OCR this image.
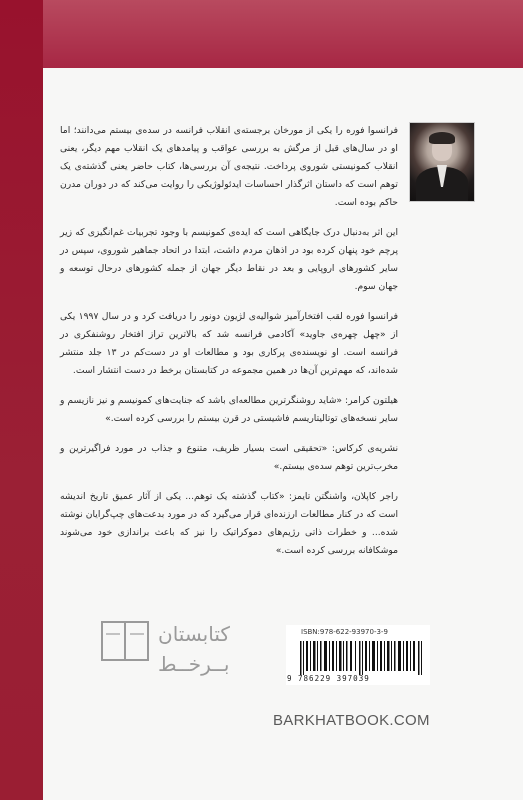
فرانسوا فوره را یکی از مورخان برجسته‌ی انقلاب فرانسه در سده‌ی بیستم می‌دانند؛ اما او در سال‌های قبل از مرگش به بررسی عواقب و پیامدهای یک انقلاب مهم دیگر، یعنی انقلاب کمونیستی شوروی پرداخت. نتیجه‌ی آن بررسی‌ها، کتاب حاضر یعنی گذشته‌ی یک توهم است که داستان اثرگذار احساسات ایدئولوژیکی را روایت می‌کند که در دوران مدرن حاکم بوده است.

این اثر به‌دنبال درک جایگاهی است که ایده‌ی کمونیسم با وجود تجربیات غم‌انگیزی که زیر پرچم خود پنهان کرده بود در اذهان مردم داشت، ابتدا در اتحاد جماهیر شوروی، سپس در سایر کشورهای اروپایی و بعد در نقاط دیگر جهان از جمله کشورهای درحال توسعه و جهان سوم.

فرانسوا فوره لقب افتخارآمیز شوالیه‌ی لژیون دونور را دریافت کرد و در سال ۱۹۹۷ یکی از «چهل چهره‌ی جاوید» آکادمی فرانسه شد که بالاترین تراز افتخار روشنفکری در فرانسه است. او نویسنده‌ی پرکاری بود و مطالعات او در دست‌کم در ۱۳ جلد منتشر شده‌اند، که مهم‌ترین آن‌ها در همین مجموعه در کتابستان برخط در دست انتشار است.

هیلتون کرامر: «شاید روشنگرترین مطالعه‌ای باشد که جنایت‌های کمونیسم و نیز نازیسم و سایر نسخه‌های توتالیتاریسم فاشیستی در قرن بیستم را بررسی کرده است.»

نشریه‌ی کرکاس: «تحقیقی است بسیار ظریف، متنوع و جذاب در مورد فراگیرترین و مخرب‌ترین توهم سده‌ی بیستم.»

راجر کاپلان، واشنگتن تایمز: «کتاب گذشته یک توهم... یکی از آثار عمیق تاریخ اندیشه است که در کنار مطالعات ارزنده‌ای قرار می‌گیرد که در مورد بدعت‌های چپ‌گرایان نوشته شده... و خطرات ذاتی رژیم‌های دموکراتیک را نیز که باعث براندازی خود می‌شوند موشکافانه بررسی کرده است.»

کتابستان
بــرخــط
ISBN:978-622-93970-3-9
9 786229 397039
BARKHATBOOK.COM
